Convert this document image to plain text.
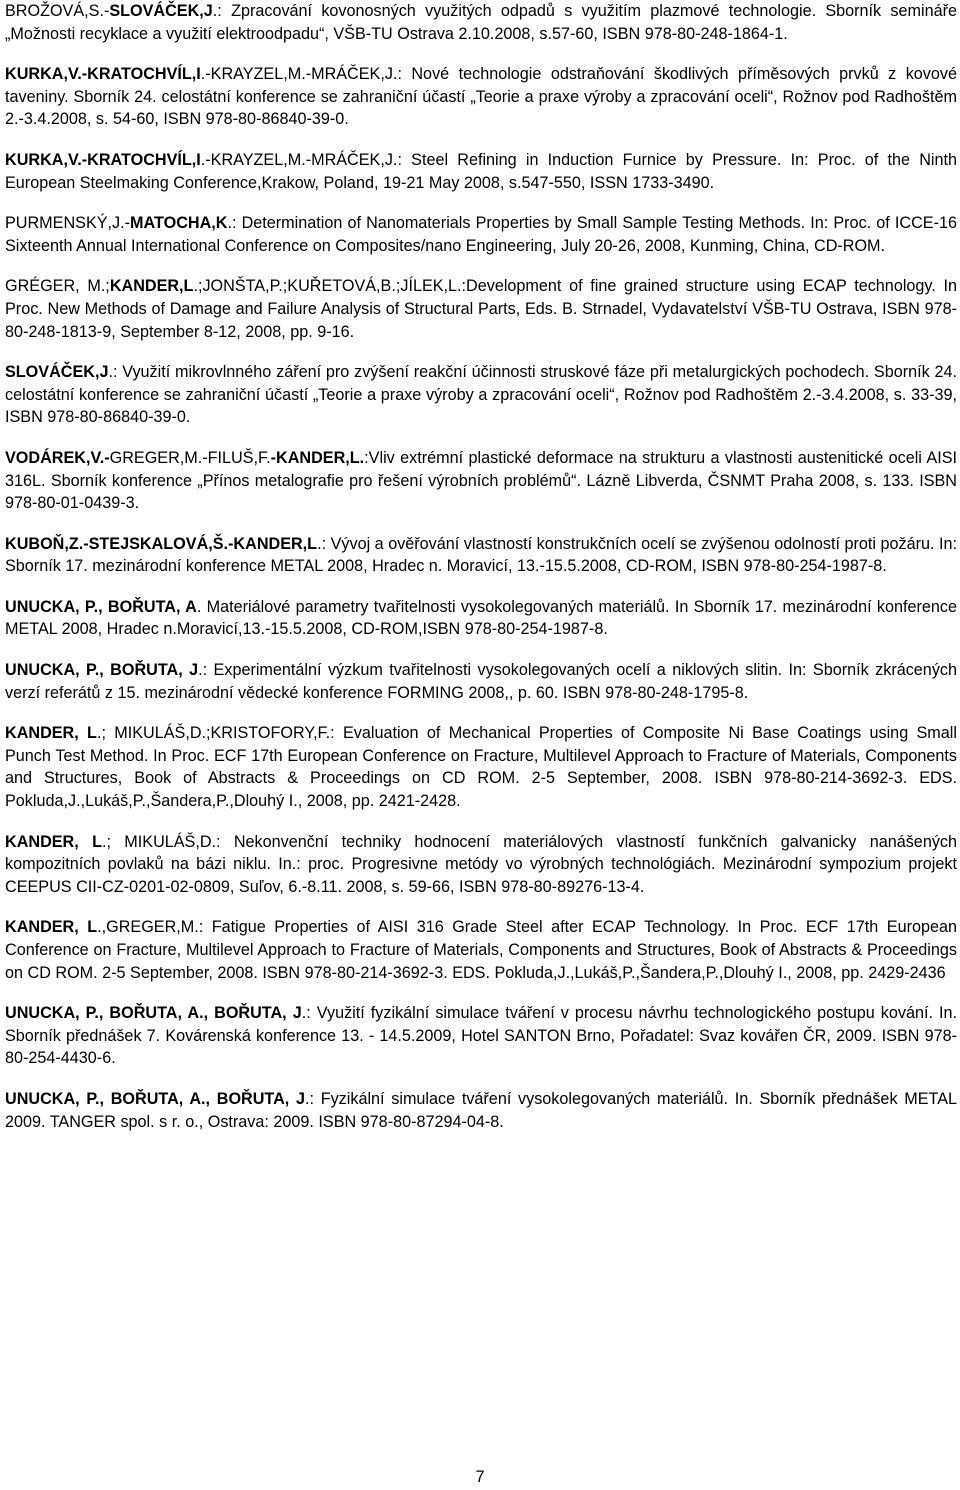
BROŽOVÁ,S.-SLOVÁČEK,J.: Zpracování kovonosných využitých odpadů s využitím plazmové technologie. Sborník semináře „Možnosti recyklace a využití elektroodpadu“, VŠB-TU Ostrava 2.10.2008, s.57-60, ISBN 978-80-248-1864-1.

KURKA,V.-KRATOCHVÍL,I.-KRAYZEL,M.-MRÁČEK,J.: Nové technologie odstraňování škodlivých příměsových prvků z kovové taveniny. Sborník 24. celostátní konference se zahraniční účastí „Teorie a praxe výroby a zpracování oceli“, Rožnov pod Radhoštěm 2.-3.4.2008, s. 54-60, ISBN 978-80-86840-39-0.

KURKA,V.-KRATOCHVÍL,I.-KRAYZEL,M.-MRÁČEK,J.: Steel Refining in Induction Furnice by Pressure. In: Proc. of the Ninth European Steelmaking Conference,Krakow, Poland, 19-21 May 2008, s.547-550, ISSN 1733-3490.

PURMENSKÝ,J.-MATOCHA,K.: Determination of Nanomaterials Properties by Small Sample Testing Methods. In: Proc. of ICCE-16 Sixteenth Annual International Conference on Composites/nano Engineering, July 20-26, 2008, Kunming, China, CD-ROM.

GRÉGER, M.;KANDER,L.;JONŠTA,P.;KUŘETOVÁ,B.;JÍLEK,L.:Development of fine grained structure using ECAP technology. In Proc. New Methods of Damage and Failure Analysis of Structural Parts, Eds. B. Strnadel, Vydavatelství VŠB-TU Ostrava, ISBN 978-80-248-1813-9, September 8-12, 2008, pp. 9-16.

SLOVÁČEK,J.: Využití mikrovlnného záření pro zvýšení reakční účinnosti struskové fáze při metalurgických pochodech. Sborník 24. celostátní konference se zahraniční účastí „Teorie a praxe výroby a zpracování oceli“, Rožnov pod Radhoštěm 2.-3.4.2008, s. 33-39, ISBN 978-80-86840-39-0.

VODÁREK,V.-GREGER,M.-FILUŠ,F.-KANDER,L.:Vliv extrémní plastické deformace na strukturu a vlastnosti austenitické oceli AISI 316L. Sborník konference „Přínos metalografie pro řešení výrobních problémů“. Lázně Libverda, ČSNMT Praha 2008, s. 133. ISBN 978-80-01-0439-3.

KUBOŇ,Z.-STEJSKALOVÁ,Š.-KANDER,L.: Vývoj a ověřování vlastností konstrukčních ocelí se zvýšenou odolností proti požáru. In: Sborník 17. mezinárodní konference METAL 2008, Hradec n. Moravicí, 13.-15.5.2008, CD-ROM, ISBN 978-80-254-1987-8.

UNUCKA, P., BOŘUTA, A. Materiálové parametry tvařitelnosti vysokolegovaných materiálů. In Sborník 17. mezinárodní konference METAL 2008, Hradec n.Moravicí,13.-15.5.2008, CD-ROM,ISBN 978-80-254-1987-8.

UNUCKA, P., BOŘUTA, J.: Experimentální výzkum tvařitelnosti vysokolegovaných ocelí a niklových slitin. In: Sborník zkrácených verzí referátů z 15. mezinárodní vědecké konference FORMING 2008,, p. 60. ISBN 978-80-248-1795-8.

KANDER, L.; MIKULÁŠ,D.;KRISTOFORY,F.: Evaluation of Mechanical Properties of Composite Ni Base Coatings using Small Punch Test Method. In Proc. ECF 17th European Conference on Fracture, Multilevel Approach to Fracture of Materials, Components and Structures, Book of Abstracts & Proceedings on CD ROM. 2-5 September, 2008. ISBN 978-80-214-3692-3. EDS. Pokluda,J.,Lukáš,P.,Šandera,P.,Dlouhý I., 2008, pp. 2421-2428.

KANDER, L.; MIKULÁŠ,D.: Nekonvenční techniky hodnocení materiálových vlastností funkčních galvanicky nanášených kompozitních povlaků na bázi niklu. In.: proc. Progresivne metódy vo výrobných technológiách. Mezinárodní sympozium projekt CEEPUS CII-CZ-0201-02-0809, Suľov, 6.-8.11. 2008, s. 59-66, ISBN 978-80-89276-13-4.

KANDER, L.,GREGER,M.: Fatigue Properties of AISI 316 Grade Steel after ECAP Technology. In Proc. ECF 17th European Conference on Fracture, Multilevel Approach to Fracture of Materials, Components and Structures, Book of Abstracts & Proceedings on CD ROM. 2-5 September, 2008. ISBN 978-80-214-3692-3. EDS. Pokluda,J.,Lukáš,P.,Šandera,P.,Dlouhý I., 2008, pp. 2429-2436

UNUCKA, P., BOŘUTA, A., BOŘUTA, J.: Využití fyzikální simulace tváření v procesu návrhu technologického postupu kování. In. Sborník přednášek 7. Kovárenská konference 13. - 14.5.2009, Hotel SANTON Brno, Pořadatel: Svaz kovářen ČR, 2009. ISBN 978-80-254-4430-6.

UNUCKA, P., BOŘUTA, A., BOŘUTA, J.: Fyzikální simulace tváření vysokolegovaných materiálů. In. Sborník přednášek METAL 2009. TANGER spol. s r. o., Ostrava: 2009. ISBN 978-80-87294-04-8.

7
